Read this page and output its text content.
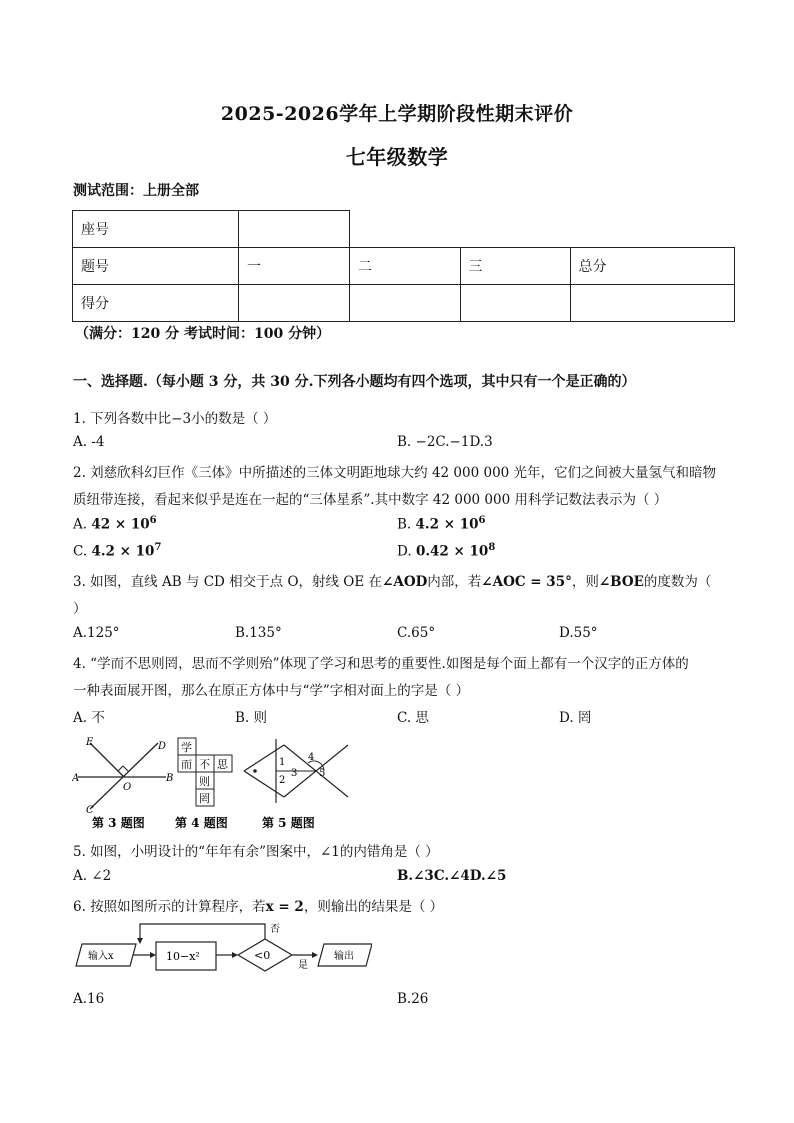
2025-2026学年上学期阶段性期末评价
七年级数学
测试范围：上册全部
座号				
题号	一	二	三	总分
得分				
（满分：120 分 考试时间：100 分钟）
一、选择题.（每小题 3 分，共 30 分.下列各小题均有四个选项，其中只有一个是正确的）
1. 下列各数中比−3小的数是（ ）
A. -4	B. −2C.−1D.3
2. 刘慈欣科幻巨作《三体》中所描述的三体文明距地球大约 42 000 000 光年，它们之间被大量氢气和暗物
质纽带连接，看起来似乎是连在一起的“三体星系”.其中数字 42 000 000 用科学记数法表示为（ ）
A. $42 \times 10^6$	B. $4.2 \times 10^6$
C. $4.2 \times 10^7$	D. $0.42 \times 10^8$
3. 如图，直线 AB 与 CD 相交于点 O，射线 OE 在∠AOD内部，若∠AOC = 35°，则∠BOE的度数为（
）
A.125°	B.135°	C.65°	D.55°
4. “学而不思则罔，思而不学则殆”体现了学习和思考的重要性.如图是每个面上都有一个汉字的正方体的
一种表面展开图，那么在原正方体中与“学”字相对面上的字是（ ）
A. 不	B. 则	C. 思	D. 罔
E	D
A
O
B
C
第 3 题图
学
而 不 思
则
罔
第 4 题图
1
2
3
4
5
第 5 题图
5. 如图，小明设计的“年年有余”图案中，∠1的内错角是（ ）
A. ∠2	B.∠3C.∠4D.∠5
6. 按照如图所示的计算程序，若x = 2，则输出的结果是（ ）
输入x	10−x²	<0
否
是
输出
A.16	B.26
